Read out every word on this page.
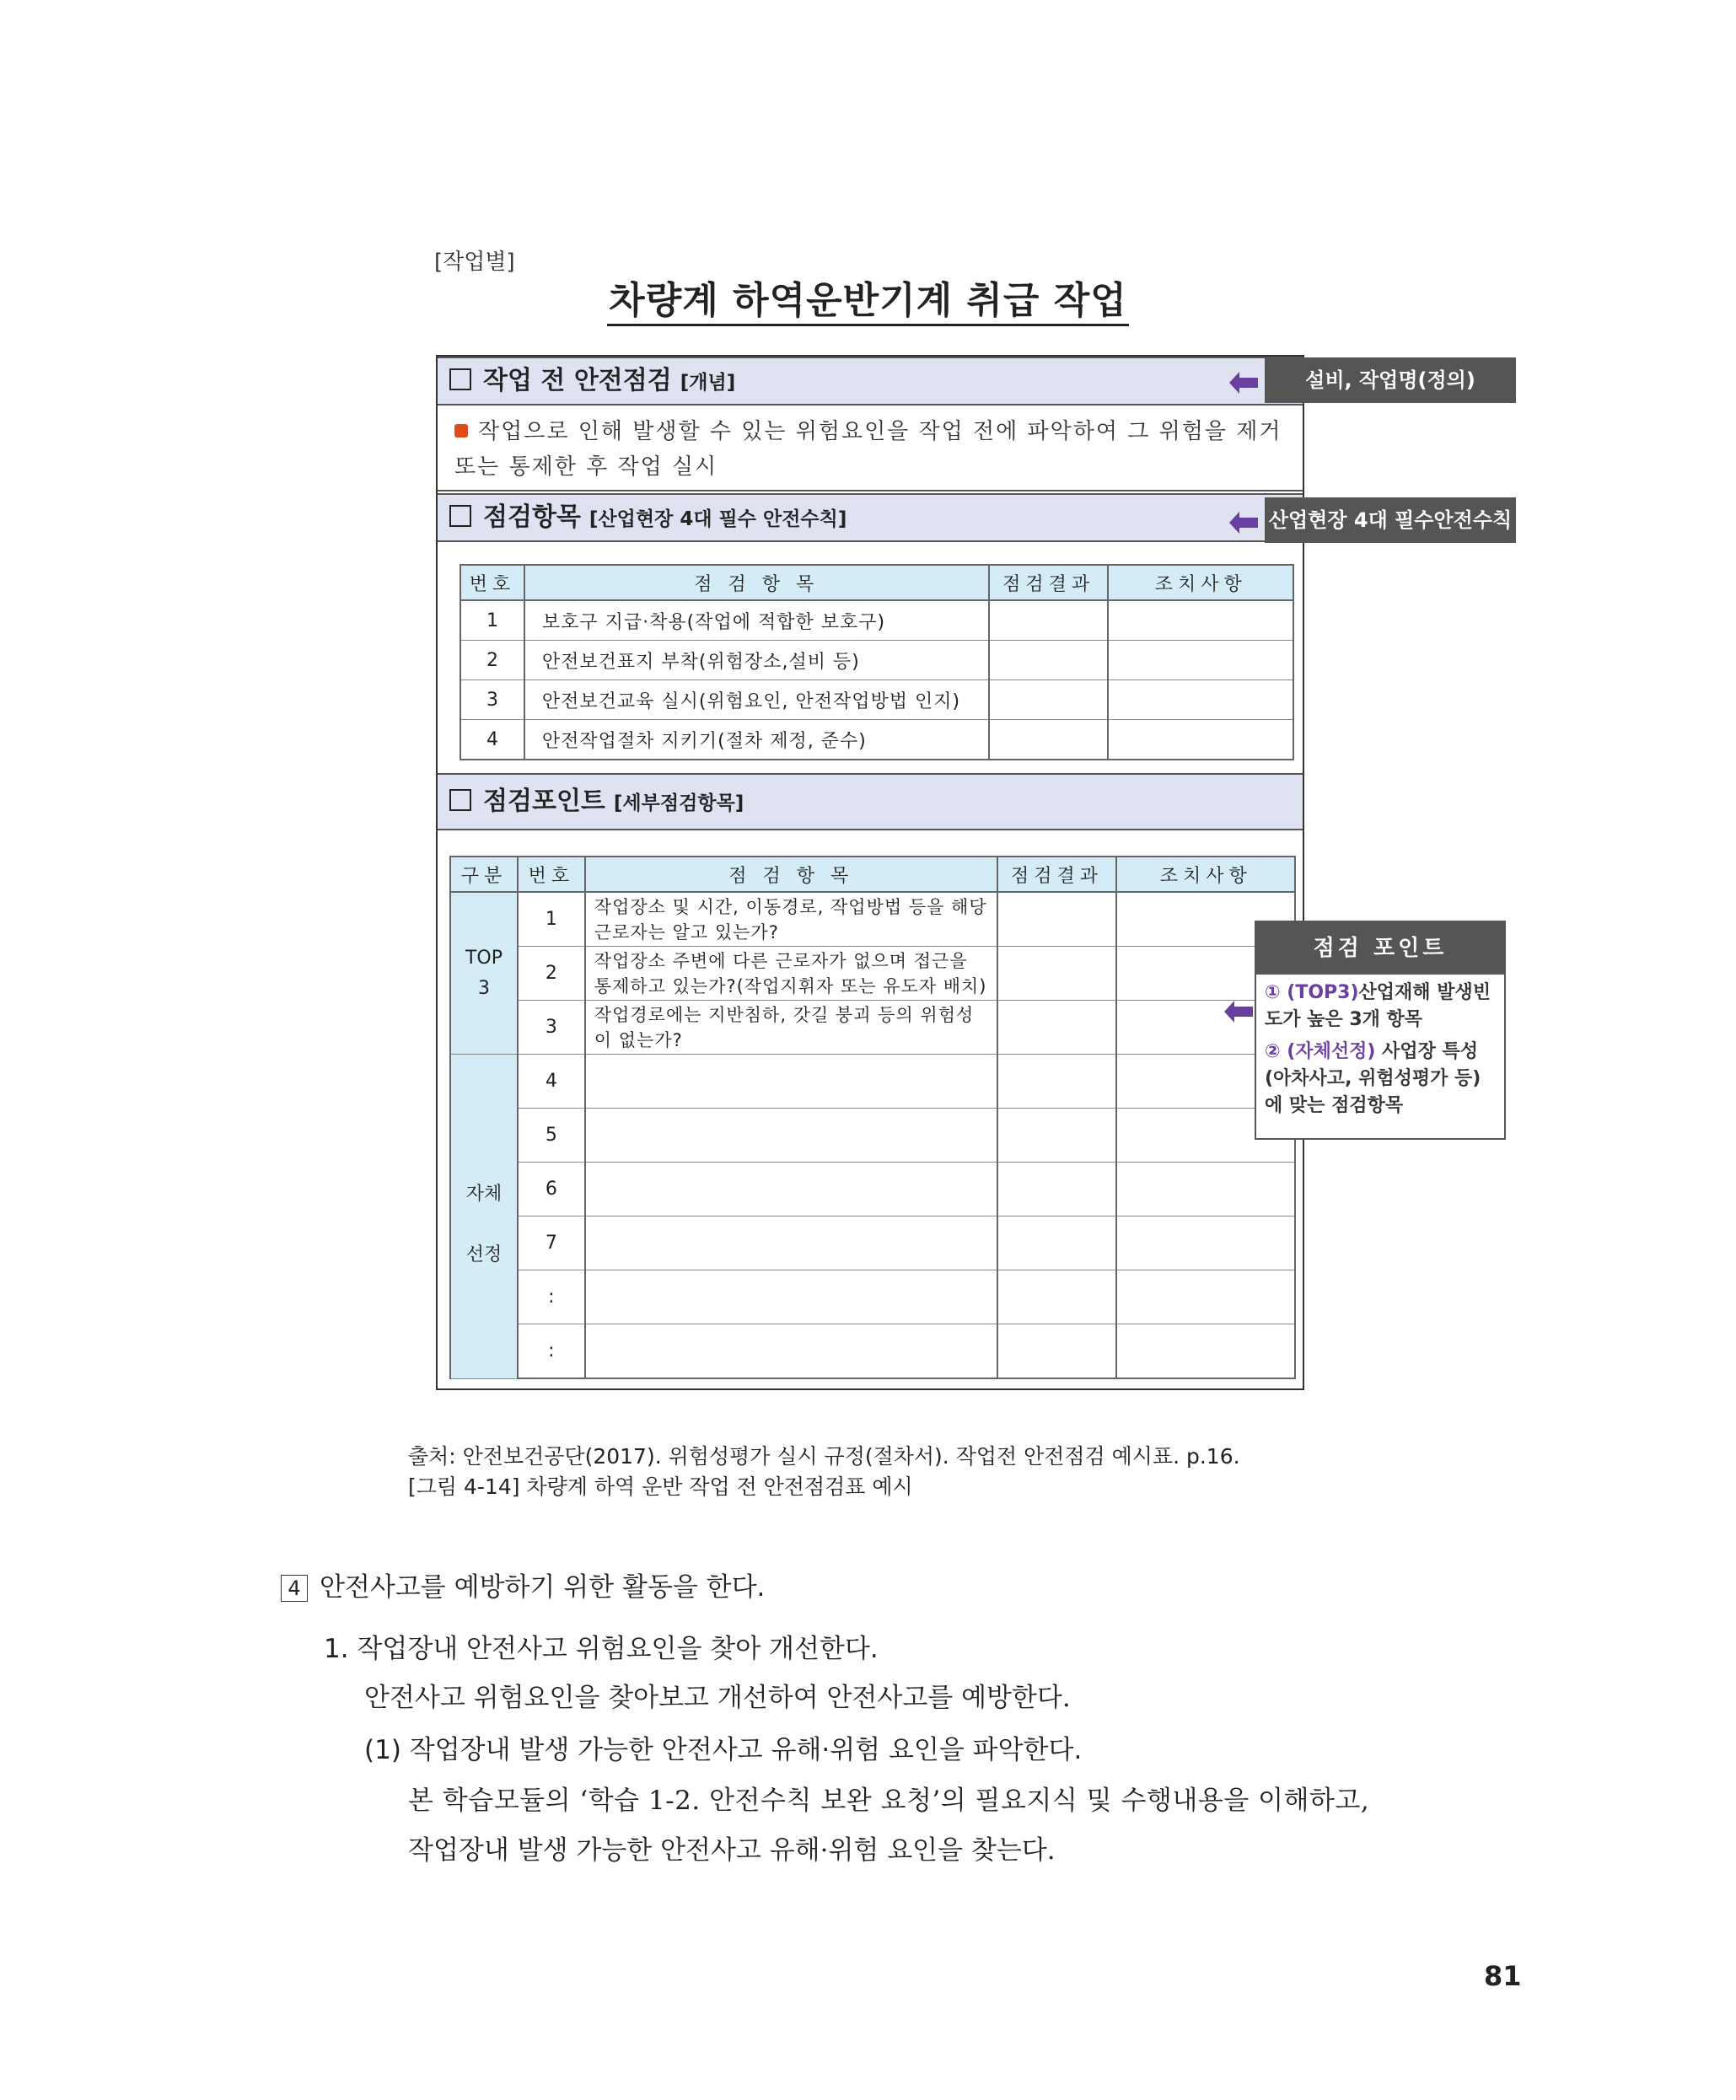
[작업별]
차량계 하역운반기계 취급 작업
작업 전 안전점검 [개념]
작업으로 인해 발생할 수 있는 위험요인을 작업 전에 파악하여 그 위험을 제거 또는 통제한 후 작업 실시
점검항목 [산업현장 4대 필수 안전수칙]
번호	점 검 항 목	점검결과	조치사항
1	보호구 지급·착용(작업에 적합한 보호구)		
2	안전보건표지 부착(위험장소,설비 등)		
3	안전보건교육 실시(위험요인, 안전작업방법 인지)		
4	안전작업절차 지키기(절차 제정, 준수)		
점검포인트 [세부점검항목]
구분	번호	점 검 항 목	점검결과	조치사항
TOP 3	1	작업장소 및 시간, 이동경로, 작업방법 등을 해당 근로자는 알고 있는가?		
	2	작업장소 주변에 다른 근로자가 없으며 접근을 통제하고 있는가?(작업지휘자 또는 유도자 배치)		
	3	작업경로에는 지반침하, 갓길 붕괴 등의 위험성이 없는가?		

자체
선정	4			
	5			
	6			
	7			
	:			
	:			
설비, 작업명(정의)
산업현장 4대 필수안전수칙
점검 포인트
① (TOP3)산업재해 발생빈도가 높은 3개 항목
② (자체선정) 사업장 특성(아차사고, 위험성평가 등)에 맞는 점검항목
출처: 안전보건공단(2017). 위험성평가 실시 규정(절차서). 작업전 안전점검 예시표. p.16.
[그림 4-14] 차량계 하역 운반 작업 전 안전점검표 예시
4 안전사고를 예방하기 위한 활동을 한다.
1. 작업장내 안전사고 위험요인을 찾아 개선한다.
안전사고 위험요인을 찾아보고 개선하여 안전사고를 예방한다.
(1) 작업장내 발생 가능한 안전사고 유해·위험 요인을 파악한다.
본 학습모듈의 ‘학습 1-2. 안전수칙 보완 요청’의 필요지식 및 수행내용을 이해하고,
작업장내 발생 가능한 안전사고 유해·위험 요인을 찾는다.
81
